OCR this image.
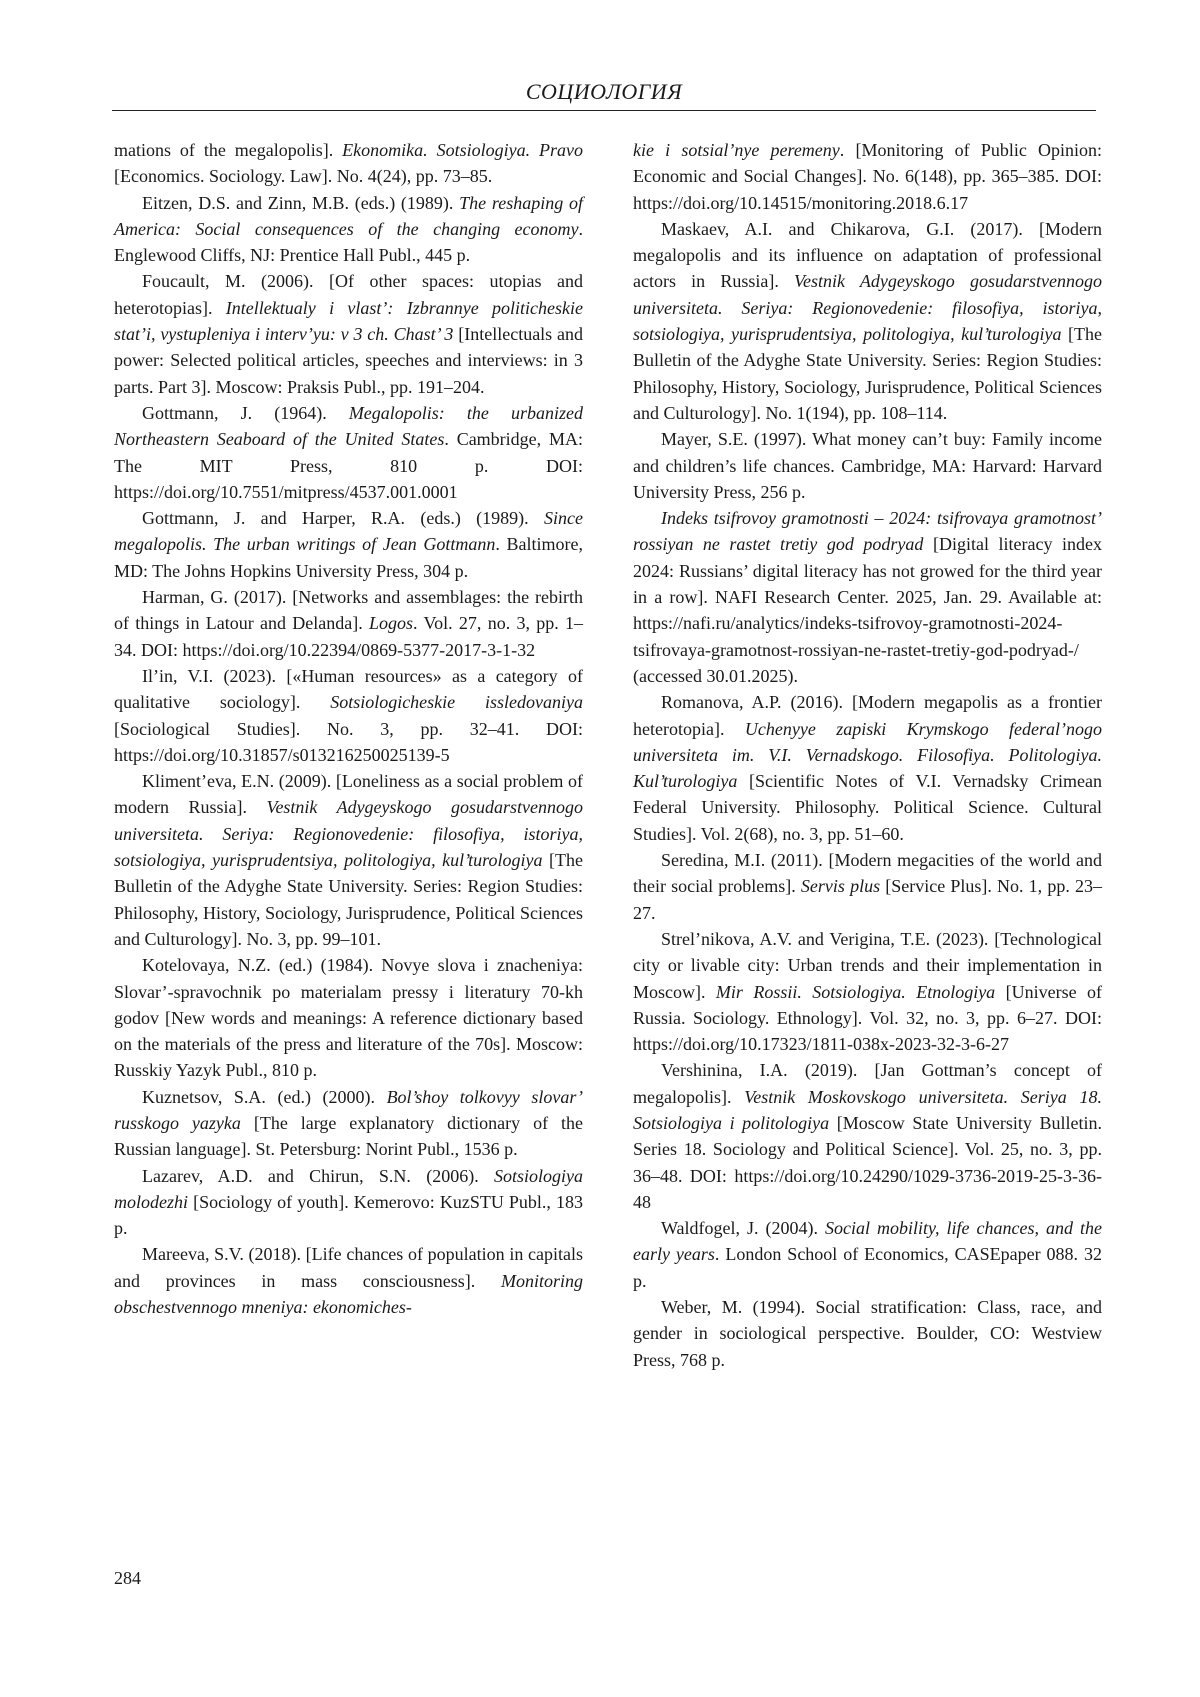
СОЦИОЛОГИЯ

mations of the megalopolis]. Ekonomika. Sotsiologiya. Pravo [Economics. Sociology. Law]. No. 4(24), pp. 73–85.

Eitzen, D.S. and Zinn, M.B. (eds.) (1989). The reshaping of America: Social consequences of the changing economy. Englewood Cliffs, NJ: Prentice Hall Publ., 445 p.

Foucault, M. (2006). [Of other spaces: utopias and heterotopias]. Intellektualy i vlast’: Izbrannye politicheskie stat’i, vystupleniya i interv’yu: v 3 ch. Chast’ 3 [Intellectuals and power: Selected political articles, speeches and interviews: in 3 parts. Part 3]. Moscow: Praksis Publ., pp. 191–204.

Gottmann, J. (1964). Megalopolis: the urbanized Northeastern Seaboard of the United States. Cambridge, MA: The MIT Press, 810 p. DOI: https://doi.org/10.7551/mitpress/4537.001.0001

Gottmann, J. and Harper, R.A. (eds.) (1989). Since megalopolis. The urban writings of Jean Gottmann. Baltimore, MD: The Johns Hopkins University Press, 304 p.

Harman, G. (2017). [Networks and assemblages: the rebirth of things in Latour and Delanda]. Logos. Vol. 27, no. 3, pp. 1–34. DOI: https://doi.org/10.22394/0869-5377-2017-3-1-32

Il’in, V.I. (2023). [«Human resources» as a category of qualitative sociology]. Sotsiologicheskie issledovaniya [Sociological Studies]. No. 3, pp. 32–41. DOI: https://doi.org/10.31857/s013216250025139-5

Kliment’eva, E.N. (2009). [Loneliness as a social problem of modern Russia]. Vestnik Adygeyskogo gosudarstvennogo universiteta. Seriya: Regionovedenie: filosofiya, istoriya, sotsiologiya, yurisprudentsiya, politologiya, kul’turologiya [The Bulletin of the Adyghe State University. Series: Region Studies: Philosophy, History, Sociology, Jurisprudence, Political Sciences and Culturology]. No. 3, pp. 99–101.

Kotelovaya, N.Z. (ed.) (1984). Novye slova i znacheniya: Slovar’-spravochnik po materialam pressy i literatury 70-kh godov [New words and meanings: A reference dictionary based on the materials of the press and literature of the 70s]. Moscow: Russkiy Yazyk Publ., 810 p.

Kuznetsov, S.A. (ed.) (2000). Bol’shoy tolkovyy slovar’ russkogo yazyka [The large explanatory dictionary of the Russian language]. St. Petersburg: Norint Publ., 1536 p.

Lazarev, A.D. and Chirun, S.N. (2006). Sotsiologiya molodezhi [Sociology of youth]. Kemerovo: KuzSTU Publ., 183 p.

Mareeva, S.V. (2018). [Life chances of population in capitals and provinces in mass consciousness]. Monitoring obschestvennogo mneniya: ekonomiches-

kie i sotsial’nye peremeny. [Monitoring of Public Opinion: Economic and Social Changes]. No. 6(148), pp. 365–385. DOI: https://doi.org/10.14515/monitoring.2018.6.17

Maskaev, A.I. and Chikarova, G.I. (2017). [Modern megalopolis and its influence on adaptation of professional actors in Russia]. Vestnik Adygeyskogo gosudarstvennogo universiteta. Seriya: Regionovedenie: filosofiya, istoriya, sotsiologiya, yurisprudentsiya, politologiya, kul’turologiya [The Bulletin of the Adyghe State University. Series: Region Studies: Philosophy, History, Sociology, Jurisprudence, Political Sciences and Culturology]. No. 1(194), pp. 108–114.

Mayer, S.E. (1997). What money can’t buy: Family income and children’s life chances. Cambridge, MA: Harvard: Harvard University Press, 256 p.

Indeks tsifrovoy gramotnosti – 2024: tsifrovaya gramotnost’ rossiyan ne rastet tretiy god podryad [Digital literacy index 2024: Russians’ digital literacy has not growed for the third year in a row]. NAFI Research Center. 2025, Jan. 29. Available at: https://nafi.ru/analytics/indeks-tsifrovoy-gramotnosti-2024-tsifrovaya-gramotnost-rossiyan-ne-rastet-tretiy-god-podryad-/ (accessed 30.01.2025).

Romanova, A.P. (2016). [Modern megapolis as a frontier heterotopia]. Uchenyye zapiski Krymskogo federal’nogo universiteta im. V.I. Vernadskogo. Filosofiya. Politologiya. Kul’turologiya [Scientific Notes of V.I. Vernadsky Crimean Federal University. Philosophy. Political Science. Cultural Studies]. Vol. 2(68), no. 3, pp. 51–60.

Seredina, M.I. (2011). [Modern megacities of the world and their social problems]. Servis plus [Service Plus]. No. 1, pp. 23–27.

Strel’nikova, A.V. and Verigina, T.E. (2023). [Technological city or livable city: Urban trends and their implementation in Moscow]. Mir Rossii. Sotsiologiya. Etnologiya [Universe of Russia. Sociology. Ethnology]. Vol. 32, no. 3, pp. 6–27. DOI: https://doi.org/10.17323/1811-038x-2023-32-3-6-27

Vershinina, I.A. (2019). [Jan Gottman’s concept of megalopolis]. Vestnik Moskovskogo universiteta. Seriya 18. Sotsiologiya i politologiya [Moscow State University Bulletin. Series 18. Sociology and Political Science]. Vol. 25, no. 3, pp. 36–48. DOI: https://doi.org/10.24290/1029-3736-2019-25-3-36-48

Waldfogel, J. (2004). Social mobility, life chances, and the early years. London School of Economics, CASEpaper 088. 32 p.

Weber, M. (1994). Social stratification: Class, race, and gender in sociological perspective. Boulder, CO: Westview Press, 768 p.

284
